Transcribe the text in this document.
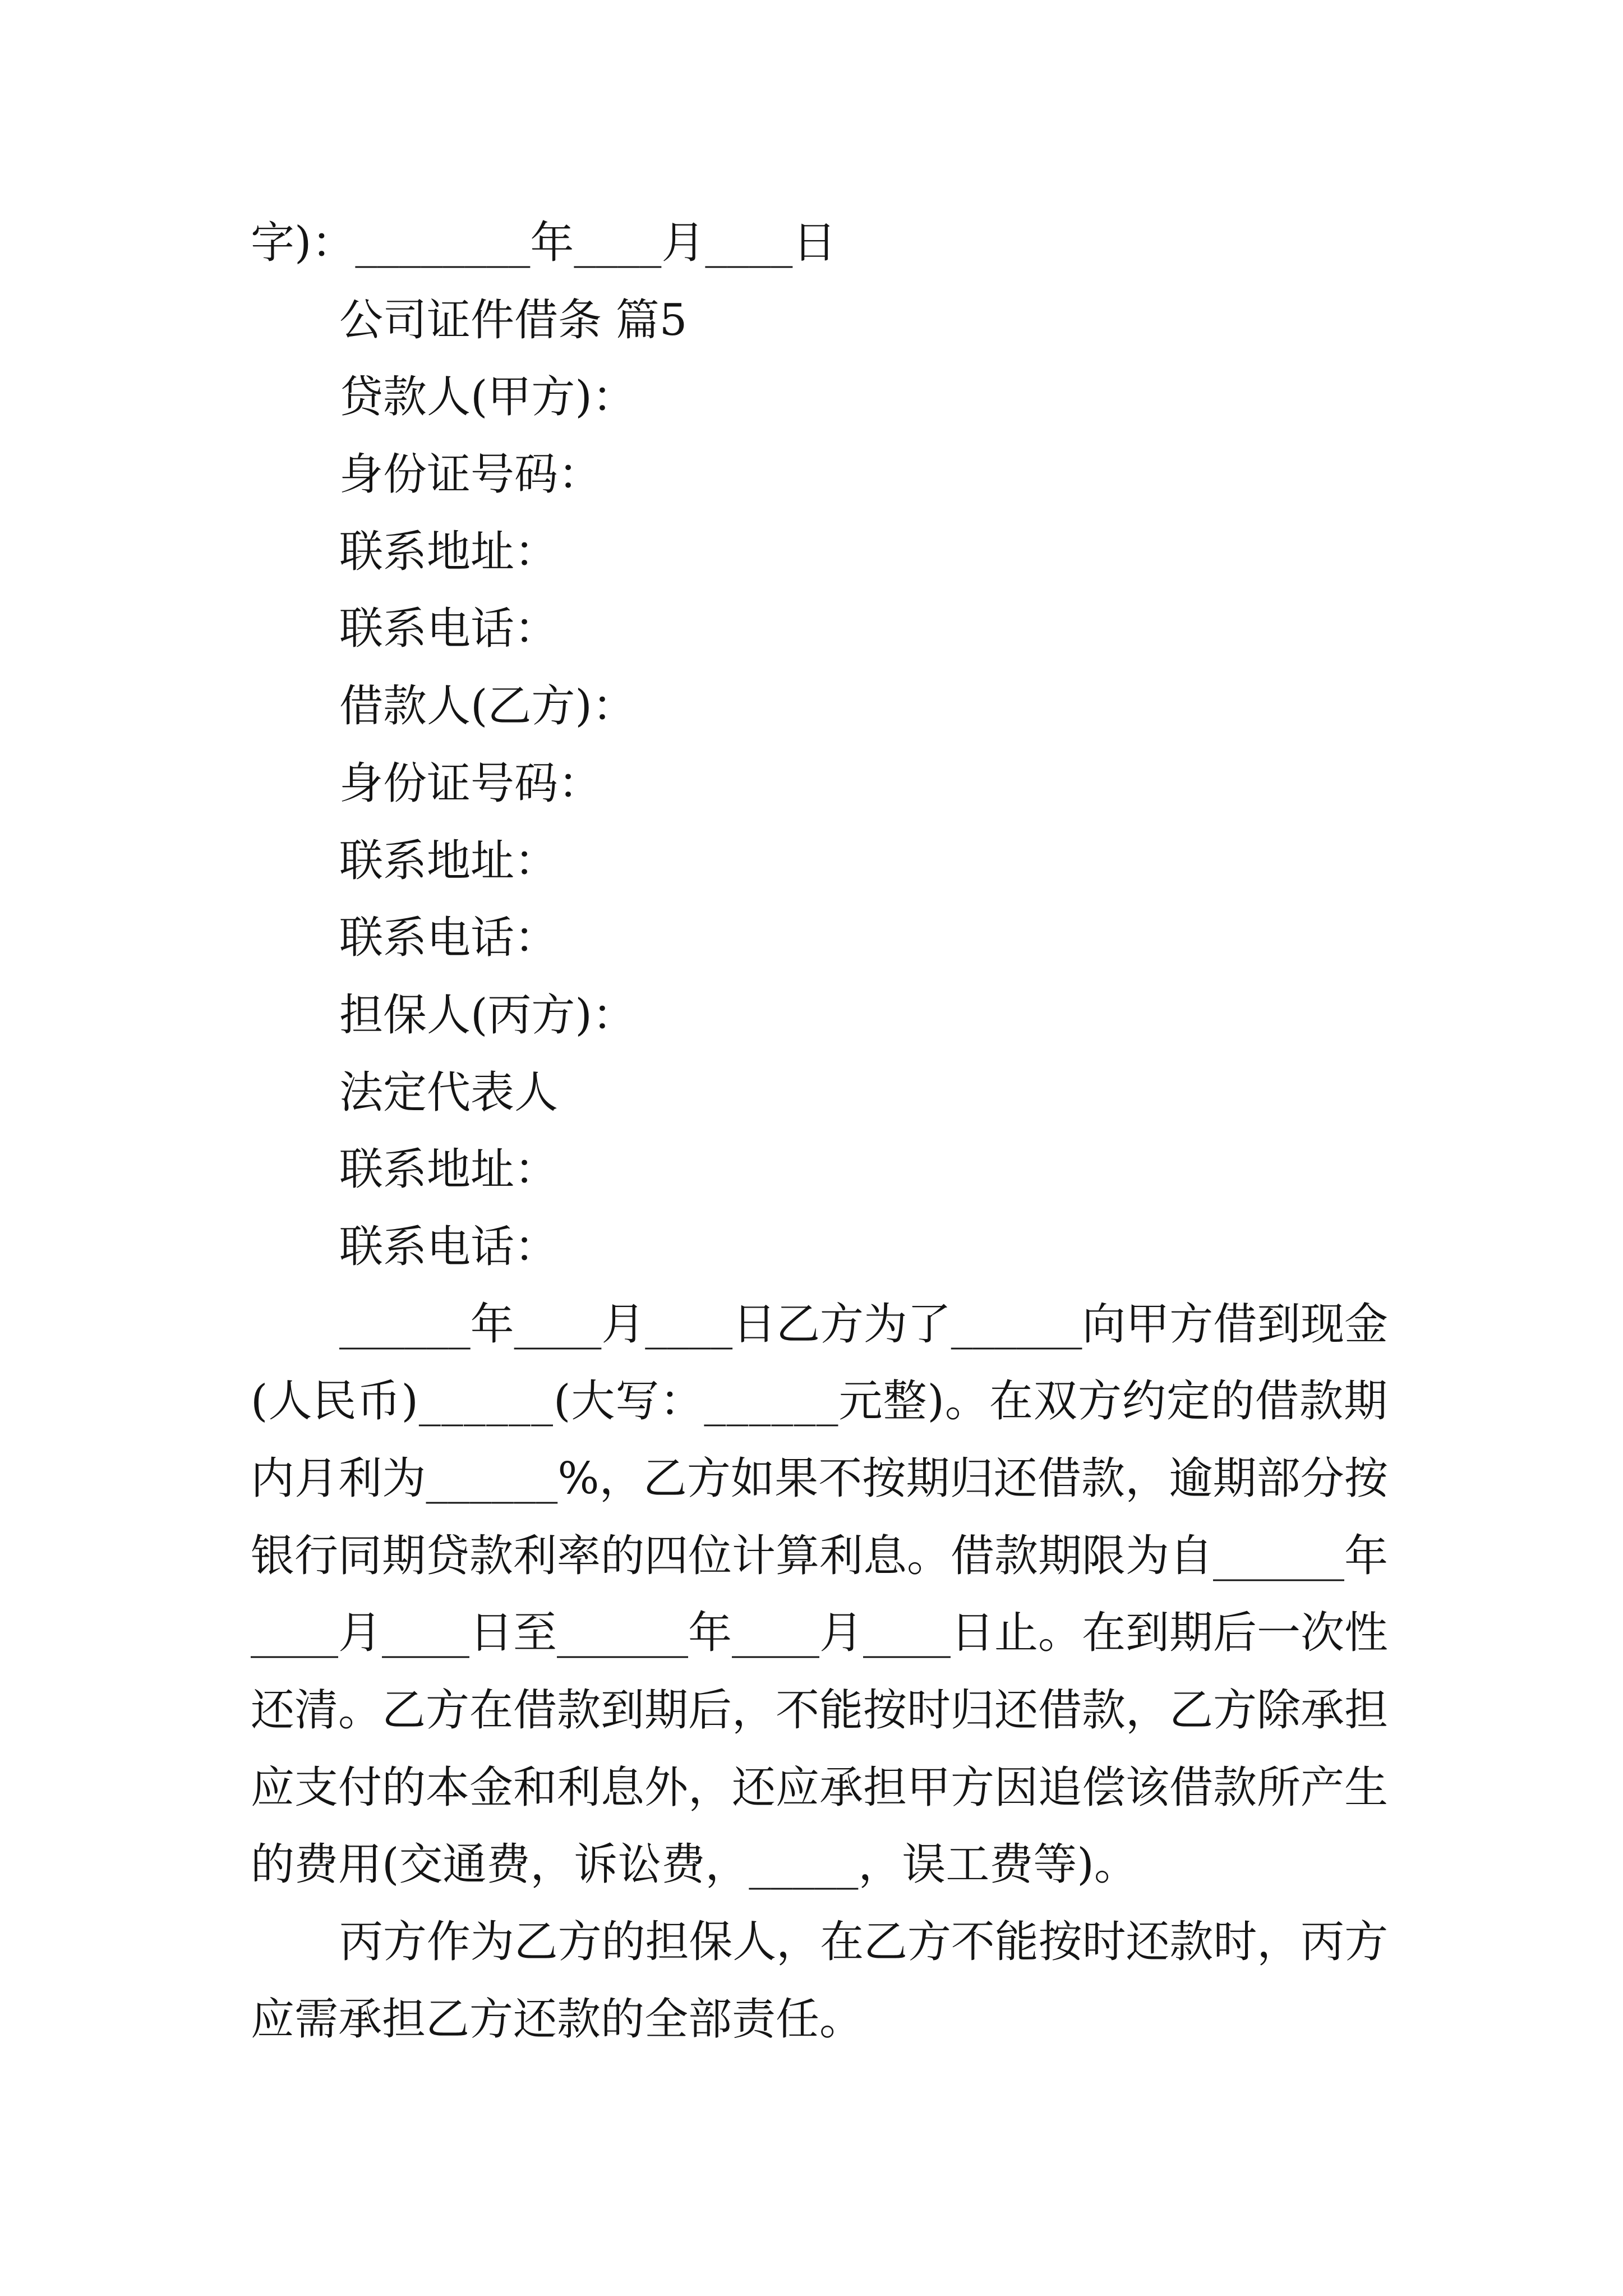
字)：________年____月____日
公司证件借条 篇5
贷款人(甲方)：
身份证号码：
联系地址：
联系电话：
借款人(乙方)：
身份证号码：
联系地址：
联系电话：
担保人(丙方)：
法定代表人
联系地址：
联系电话：
______年____月____日乙方为了______向甲方借到现金
(人民币)______(大写：______元整)。在双方约定的借款期
内月利为______%，乙方如果不按期归还借款，逾期部分按
银行同期贷款利率的四位计算利息。借款期限为自______年
____月____日至______年____月____日止。在到期后一次性
还清。乙方在借款到期后，不能按时归还借款，乙方除承担
应支付的本金和利息外，还应承担甲方因追偿该借款所产生
的费用(交通费，诉讼费，_____，误工费等)。
丙方作为乙方的担保人，在乙方不能按时还款时，丙方
应需承担乙方还款的全部责任。
